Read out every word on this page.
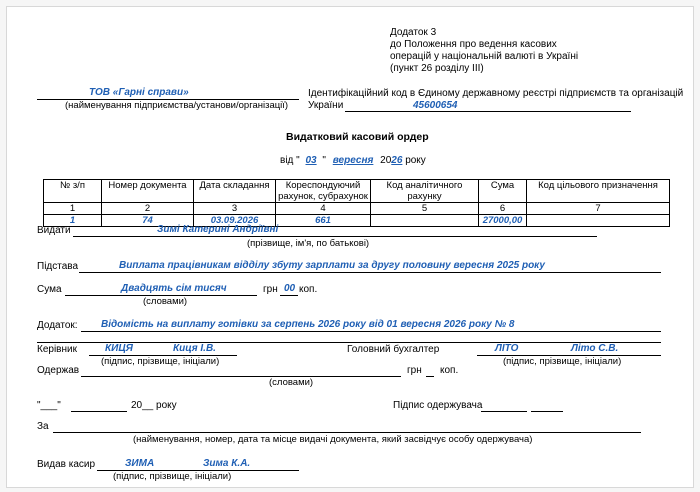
Додаток 3
до Положення про ведення касових
операцій у національній валюті в Україні
(пункт 26 розділу III)
ТОВ «Гарні справи»
(найменування підприємства/установи/організації)
Ідентифікаційний код в Єдиному державному реєстрі підприємств та організацій
України	45600654
Видатковий касовий ордер
від " 03 " вересня 2026 року
№ з/п	Номер документа	Дата складання	Кореспондуючий рахунок, субрахунок	Код аналітичного рахунку	Сума	Код цільового призначення
1	2	3	4	5	6	7
1	74	03.09.2026	661		27000,00	
Видати	Зимі Катерині Андріївні
(прізвище, ім'я, по батькові)
Підстава	Виплата працівникам відділу збуту зарплати за другу половину вересня 2025 року
Сума	Двадцять сім тисяч	грн 00 коп.
(словами)
Додаток: Відомість на виплату готівки за серпень 2026 року від 01 вересня 2026 року № 8
Керівник	КИЦЯ	Киця І.В.
(підпис, прізвище, ініціали)
Головний бухгалтер	ЛІТО	Літо С.В.
(підпис, прізвище, ініціали)
Одержав	грн коп.
(словами)
"___"	20__ року	Підпис одержувача
За
(найменування, номер, дата та місце видачі документа, який засвідчує особу одержувача)
Видав касир	ЗИМА	Зима К.А.
(підпис, прізвище, ініціали)
